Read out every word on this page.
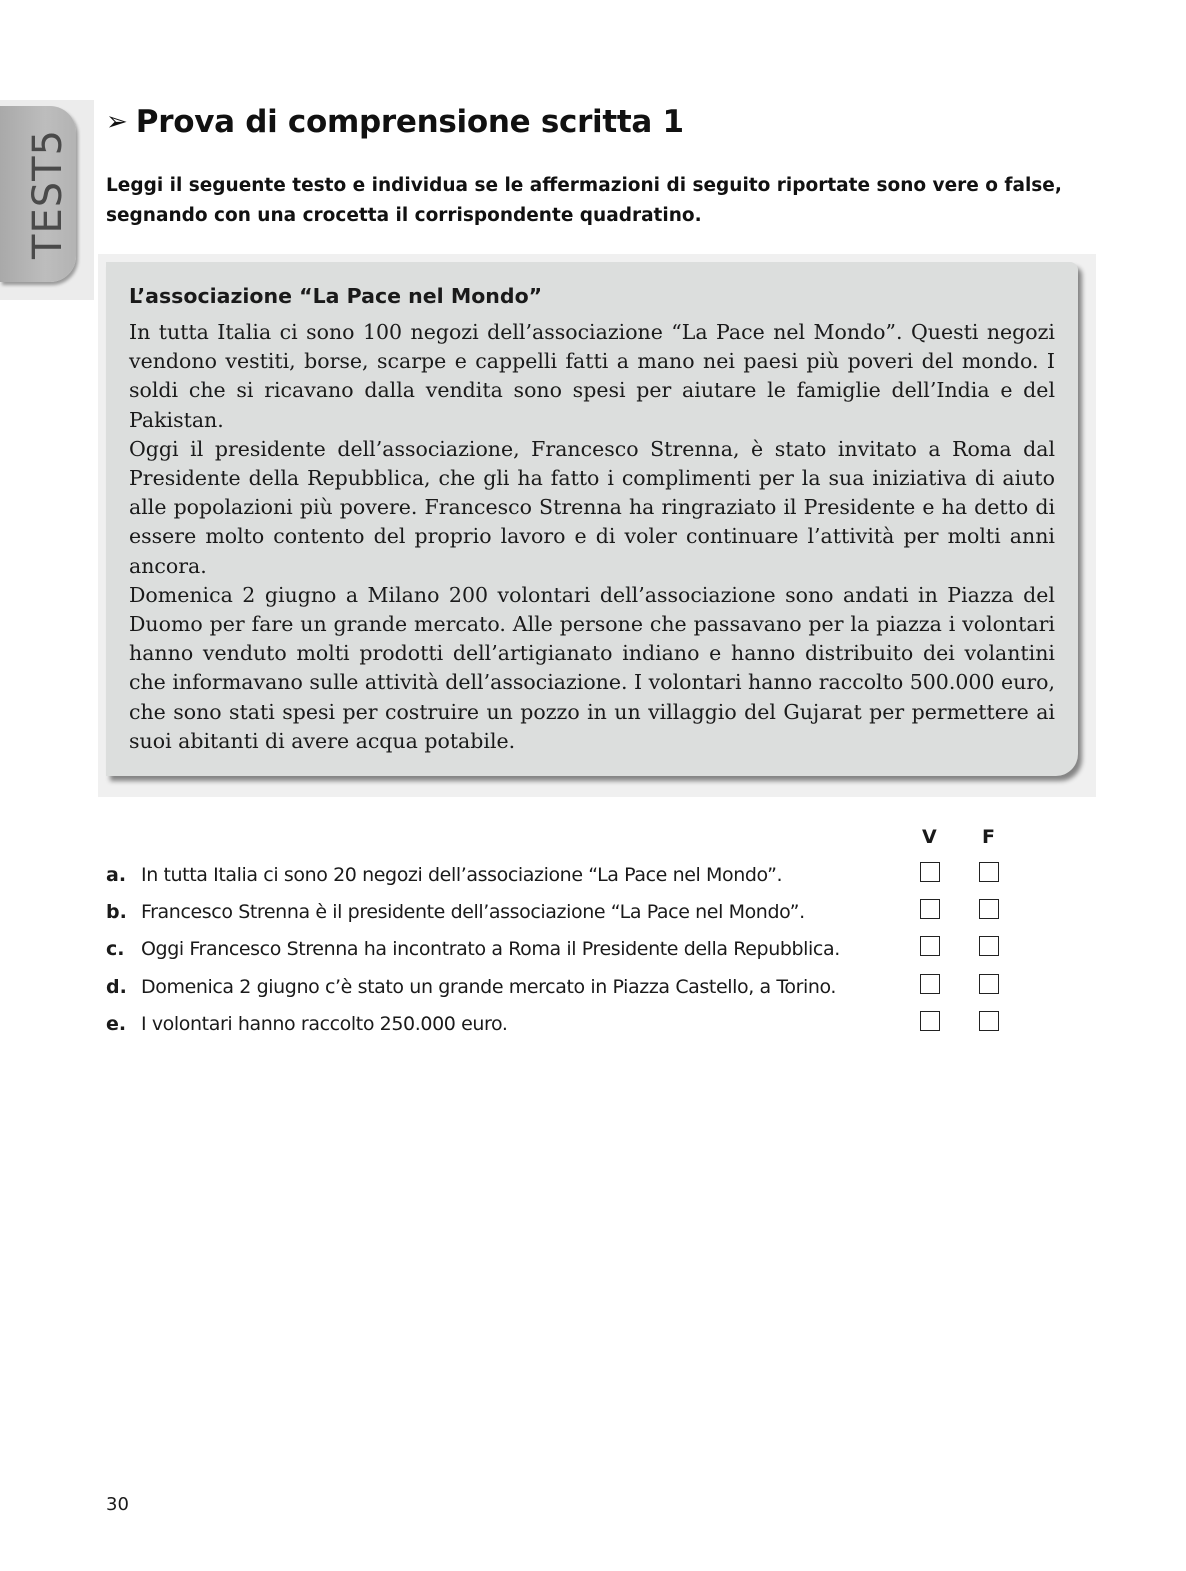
TEST5
➢ Prova di comprensione scritta 1
Leggi il seguente testo e individua se le affermazioni di seguito riportate sono vere o false, segnando con una crocetta il corrispondente quadratino.
L’associazione “La Pace nel Mondo”

In tutta Italia ci sono 100 negozi dell’associazione “La Pace nel Mondo”. Questi negozi vendono vestiti, borse, scarpe e cappelli fatti a mano nei paesi più poveri del mondo. I soldi che si ricavano dalla vendita sono spesi per aiutare le famiglie dell’India e del Pakistan.

Oggi il presidente dell’associazione, Francesco Strenna, è stato invitato a Roma dal Presidente della Repubblica, che gli ha fatto i complimenti per la sua iniziativa di aiuto alle popolazioni più povere. Francesco Strenna ha ringraziato il Presidente e ha detto di essere molto contento del proprio lavoro e di voler continuare l’attività per molti anni ancora.

Domenica 2 giugno a Milano 200 volontari dell’associazione sono andati in Piazza del Duomo per fare un grande mercato. Alle persone che passavano per la piazza i volontari hanno venduto molti prodotti dell’artigianato indiano e hanno distribuito dei volantini che informavano sulle attività dell’associazione. I volontari hanno raccolto 500.000 euro, che sono stati spesi per costruire un pozzo in un villaggio del Gujarat per permettere ai suoi abitanti di avere acqua potabile.

V F
a. In tutta Italia ci sono 20 negozi dell’associazione “La Pace nel Mondo”.
b. Francesco Strenna è il presidente dell’associazione “La Pace nel Mondo”.
c. Oggi Francesco Strenna ha incontrato a Roma il Presidente della Repubblica.
d. Domenica 2 giugno c’è stato un grande mercato in Piazza Castello, a Torino.
e. I volontari hanno raccolto 250.000 euro.
30
